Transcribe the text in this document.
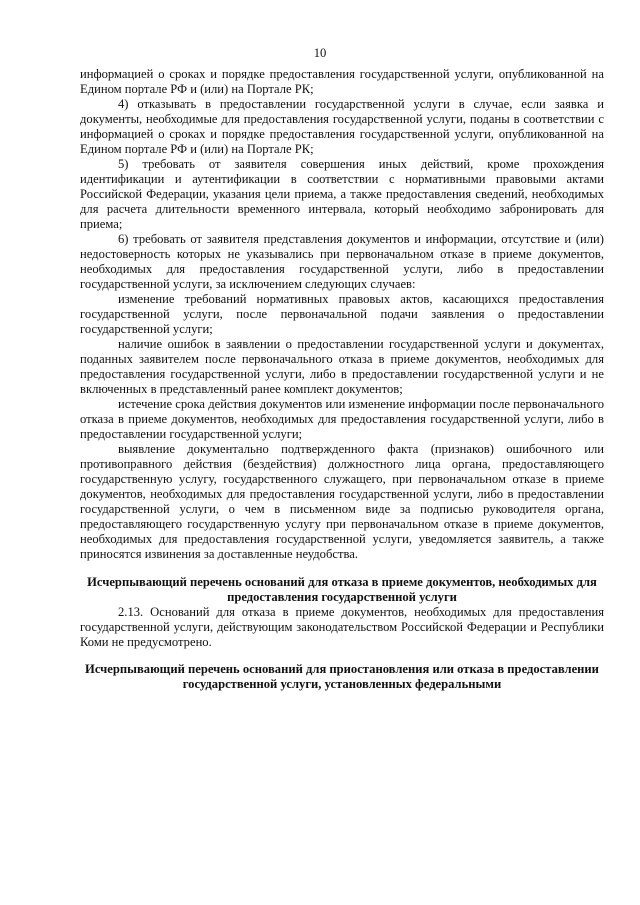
10

информацией о сроках и порядке предоставления государственной услуги, опубликованной на Едином портале РФ и (или) на Портале РК;

4) отказывать в предоставлении государственной услуги в случае, если заявка и документы, необходимые для предоставления государственной услуги, поданы в соответствии с информацией о сроках и порядке предоставления государственной услуги, опубликованной на Едином портале РФ и (или) на Портале РК;

5) требовать от заявителя совершения иных действий, кроме прохождения идентификации и аутентификации в соответствии с нормативными правовыми актами Российской Федерации, указания цели приема, а также предоставления сведений, необходимых для расчета длительности временного интервала, который необходимо забронировать для приема;

6) требовать от заявителя представления документов и информации, отсутствие и (или) недостоверность которых не указывались при первоначальном отказе в приеме документов, необходимых для предоставления государственной услуги, либо в предоставлении государственной услуги, за исключением следующих случаев:

изменение требований нормативных правовых актов, касающихся предоставления государственной услуги, после первоначальной подачи заявления о предоставлении государственной услуги;

наличие ошибок в заявлении о предоставлении государственной услуги и документах, поданных заявителем после первоначального отказа в приеме документов, необходимых для предоставления государственной услуги, либо в предоставлении государственной услуги и не включенных в представленный ранее комплект документов;

истечение срока действия документов или изменение информации после первоначального отказа в приеме документов, необходимых для предоставления государственной услуги, либо в предоставлении государственной услуги;

выявление документально подтвержденного факта (признаков) ошибочного или противоправного действия (бездействия) должностного лица органа, предоставляющего государственную услугу, государственного служащего, при первоначальном отказе в приеме документов, необходимых для предоставления государственной услуги, либо в предоставлении государственной услуги, о чем в письменном виде за подписью руководителя органа, предоставляющего государственную услугу при первоначальном отказе в приеме документов, необходимых для предоставления государственной услуги, уведомляется заявитель, а также приносятся извинения за доставленные неудобства.

Исчерпывающий перечень оснований для отказа в приеме документов, необходимых для предоставления государственной услуги

2.13. Оснований для отказа в приеме документов, необходимых для предоставления государственной услуги, действующим законодательством Российской Федерации и Республики Коми не предусмотрено.

Исчерпывающий перечень оснований для приостановления или отказа в предоставлении государственной услуги, установленных федеральными
